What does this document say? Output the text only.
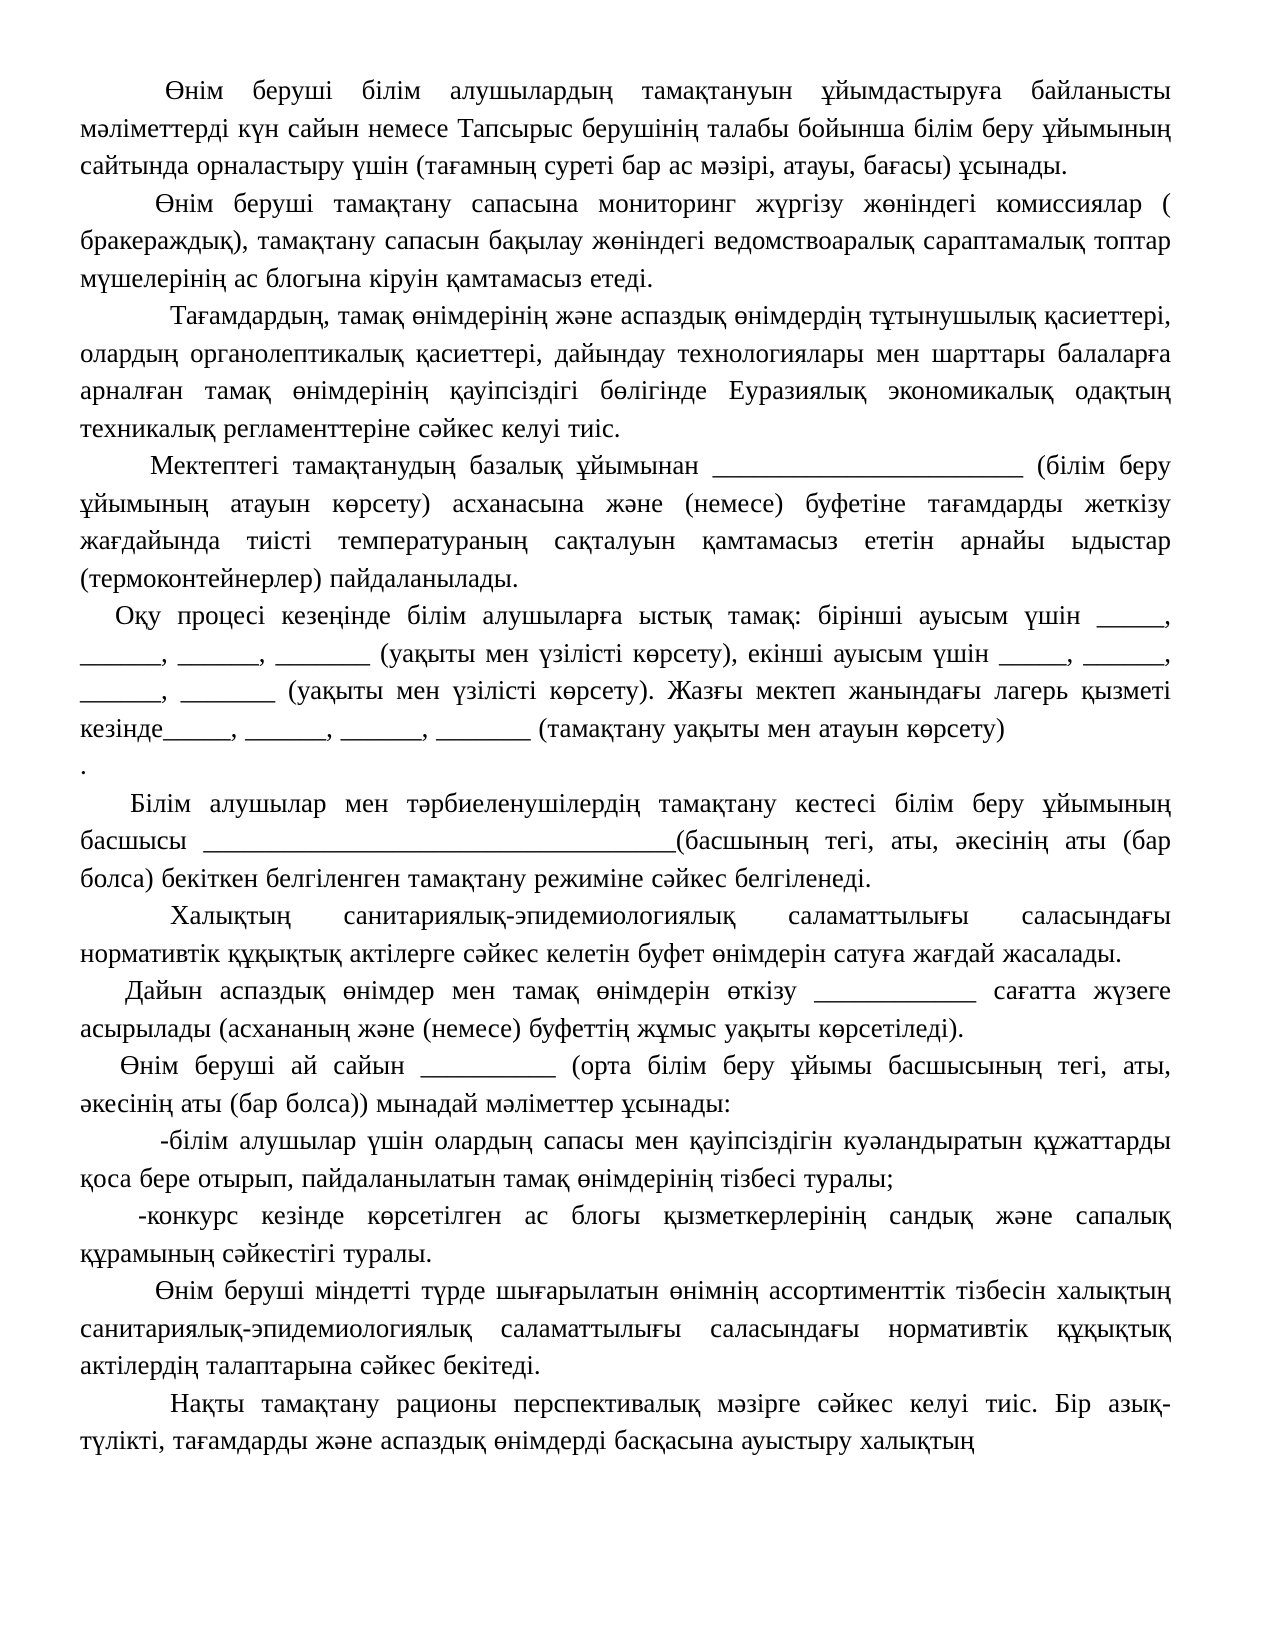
Өнім беруші білім алушылардың тамақтануын ұйымдастыруға байланысты мәліметтерді күн сайын немесе Тапсырыс берушінің талабы бойынша білім беру ұйымының сайтында орналастыру үшін (тағамның суреті бар ас мәзірі, атауы, бағасы) ұсынады.

Өнім беруші тамақтану сапасына мониторинг жүргізу жөніндегі комиссиялар ( бракераждық), тамақтану сапасын бақылау жөніндегі ведомствоаралық сараптамалық топтар мүшелерінің ас блогына кіруін қамтамасыз етеді.

Тағамдардың, тамақ өнімдерінің және аспаздық өнімдердің тұтынушылық қасиеттері, олардың органолептикалық қасиеттері, дайындау технологиялары мен шарттары балаларға арналған тамақ өнімдерінің қауіпсіздігі бөлігінде Еуразиялық экономикалық одақтың техникалық регламенттеріне сәйкес келуі тиіс.

Мектептегі тамақтанудың базалық ұйымынан _______________________ (білім беру ұйымының атауын көрсету) асханасына және (немесе) буфетіне тағамдарды жеткізу жағдайында тиісті температураның сақталуын қамтамасыз ететін арнайы ыдыстар (термоконтейнерлер) пайдаланылады.

Оқу процесі кезеңінде білім алушыларға ыстық тамақ: бірінші ауысым үшін _____, ______, ______, _______ (уақыты мен үзілісті көрсету), екінші ауысым үшін _____, ______, ______, _______ (уақыты мен үзілісті көрсету). Жазғы мектеп жанындағы лагерь қызметі кезінде_____, ______, ______, _______ (тамақтану уақыты мен атауын көрсету)

.

Білім алушылар мен тәрбиеленушілердің тамақтану кестесі білім беру ұйымының басшысы ___________________________________(басшының тегі, аты, әкесінің аты (бар болса) бекіткен белгіленген тамақтану режиміне сәйкес белгіленеді.

Халықтың санитариялық-эпидемиологиялық саламаттылығы саласындағы нормативтік құқықтық актілерге сәйкес келетін буфет өнімдерін сатуға жағдай жасалады.

Дайын аспаздық өнімдер мен тамақ өнімдерін өткізу ____________ сағатта жүзеге асырылады (асхананың және (немесе) буфеттің жұмыс уақыты көрсетіледі).

Өнім беруші ай сайын __________ (орта білім беру ұйымы басшысының тегі, аты, әкесінің аты (бар болса)) мынадай мәліметтер ұсынады:

-білім алушылар үшін олардың сапасы мен қауіпсіздігін куәландыратын құжаттарды қоса бере отырып, пайдаланылатын тамақ өнімдерінің тізбесі туралы;

-конкурс кезінде көрсетілген ас блогы қызметкерлерінің сандық және сапалық құрамының сәйкестігі туралы.

Өнім беруші міндетті түрде шығарылатын өнімнің ассортименттік тізбесін халықтың санитариялық-эпидемиологиялық саламаттылығы саласындағы нормативтік құқықтық актілердің талаптарына сәйкес бекітеді.

Нақты тамақтану рационы перспективалық мәзірге сәйкес келуі тиіс. Бір азық-түлікті, тағамдарды және аспаздық өнімдерді басқасына ауыстыру халықтың
